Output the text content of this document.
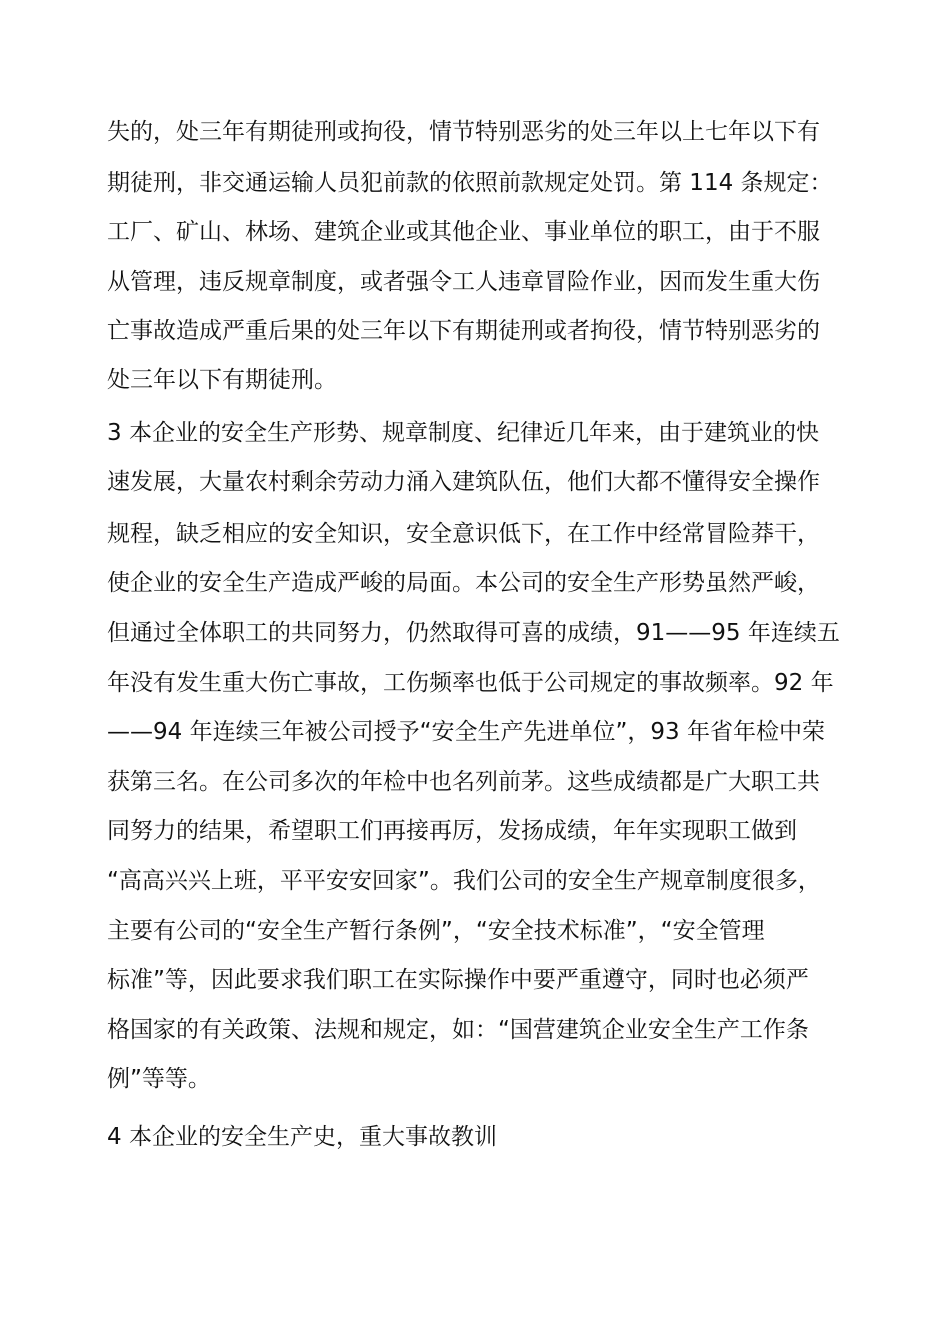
失的，处三年有期徒刑或拘役，情节特别恶劣的处三年以上七年以下有
期徒刑，非交通运输人员犯前款的依照前款规定处罚。第 114 条规定：
工厂、矿山、林场、建筑企业或其他企业、事业单位的职工，由于不服
从管理，违反规章制度，或者强令工人违章冒险作业，因而发生重大伤
亡事故造成严重后果的处三年以下有期徒刑或者拘役，情节特别恶劣的
处三年以下有期徒刑。
3 本企业的安全生产形势、规章制度、纪律近几年来，由于建筑业的快
速发展，大量农村剩余劳动力涌入建筑队伍，他们大都不懂得安全操作
规程，缺乏相应的安全知识，安全意识低下，在工作中经常冒险莽干，
使企业的安全生产造成严峻的局面。本公司的安全生产形势虽然严峻，
但通过全体职工的共同努力，仍然取得可喜的成绩，91——95 年连续五
年没有发生重大伤亡事故，工伤频率也低于公司规定的事故频率。92 年
——94 年连续三年被公司授予“安全生产先进单位”，93 年省年检中荣
获第三名。在公司多次的年检中也名列前茅。这些成绩都是广大职工共
同努力的结果，希望职工们再接再厉，发扬成绩，年年实现职工做到
“高高兴兴上班，平平安安回家”。我们公司的安全生产规章制度很多，
主要有公司的“安全生产暂行条例”，“安全技术标准”，“安全管理
标准”等，因此要求我们职工在实际操作中要严重遵守，同时也必须严
格国家的有关政策、法规和规定，如：“国营建筑企业安全生产工作条
例”等等。
4 本企业的安全生产史，重大事故教训
